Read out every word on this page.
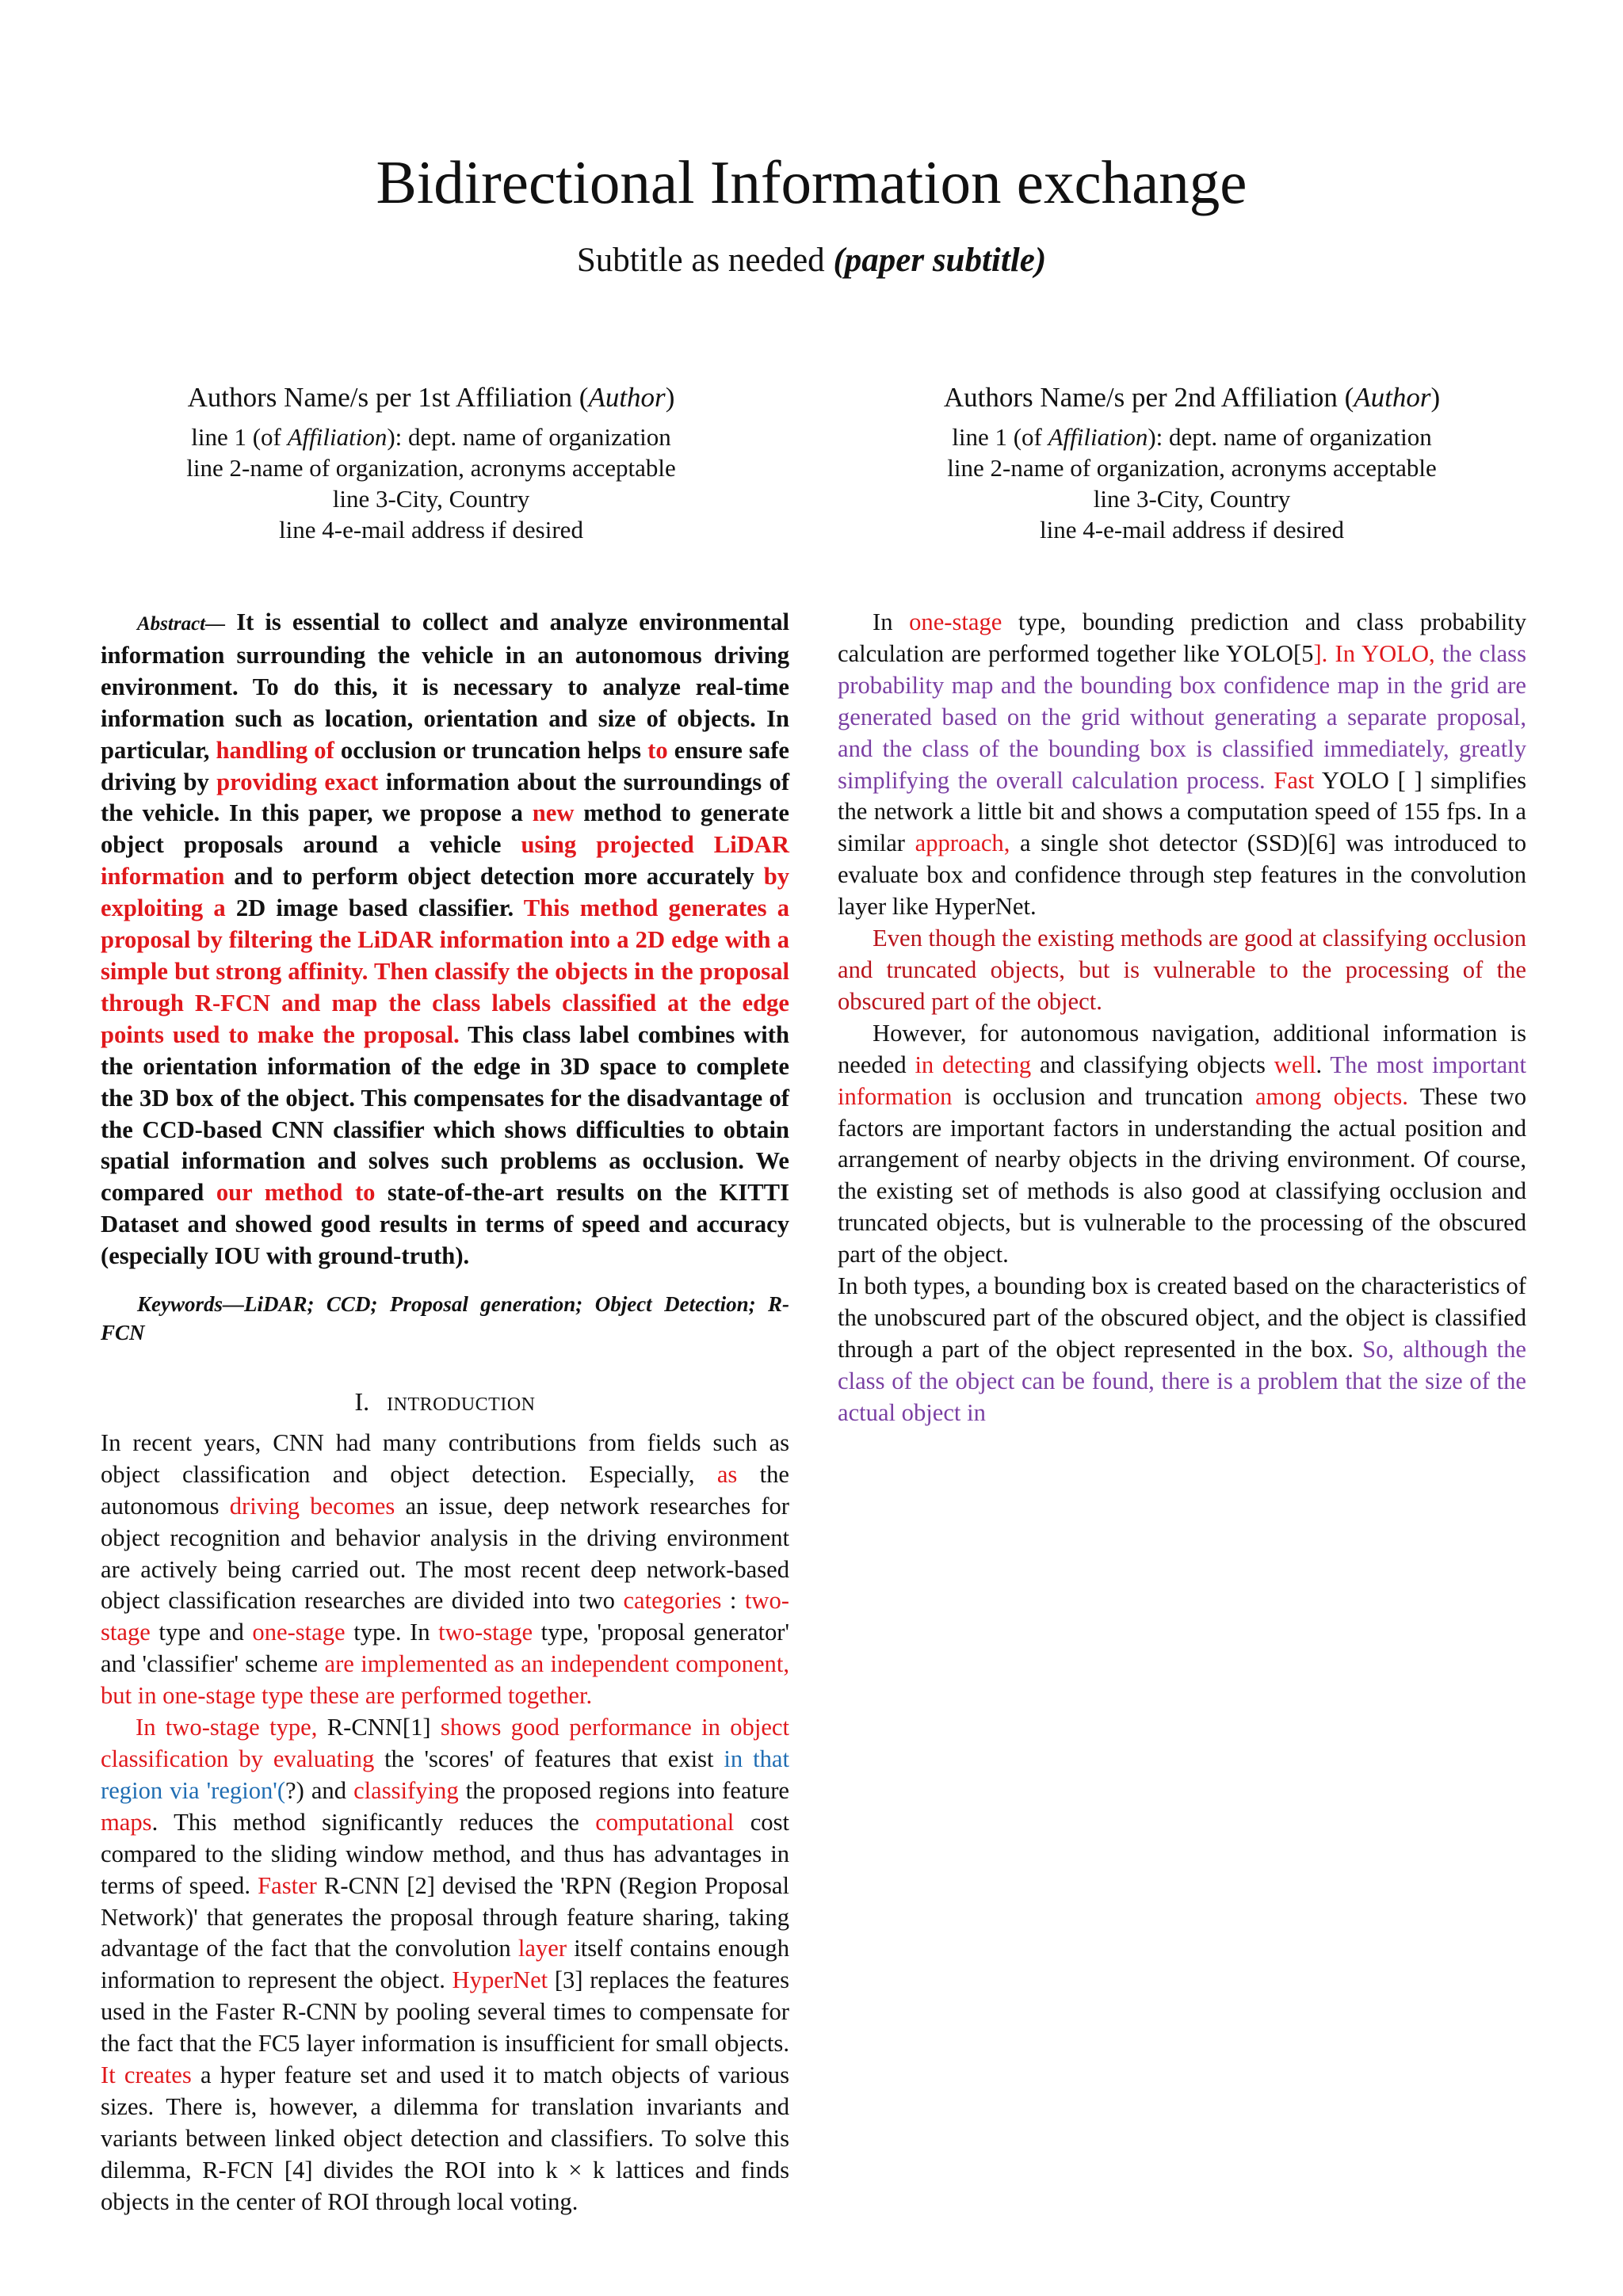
Bidirectional Information exchange
Subtitle as needed (paper subtitle)
Authors Name/s per 1st Affiliation (Author)
line 1 (of Affiliation): dept. name of organization
line 2-name of organization, acronyms acceptable
line 3-City, Country
line 4-e-mail address if desired
Authors Name/s per 2nd Affiliation (Author)
line 1 (of Affiliation): dept. name of organization
line 2-name of organization, acronyms acceptable
line 3-City, Country
line 4-e-mail address if desired

Abstract— It is essential to collect and analyze environmental information surrounding the vehicle in an autonomous driving environment. To do this, it is necessary to analyze real-time information such as location, orientation and size of objects. In particular, handling of occlusion or truncation helps to ensure safe driving by providing exact information about the surroundings of the vehicle. In this paper, we propose a new method to generate object proposals around a vehicle using projected LiDAR information and to perform object detection more accurately by exploiting a 2D image based classifier. This method generates a proposal by filtering the LiDAR information into a 2D edge with a simple but strong affinity. Then classify the objects in the proposal through R-FCN and map the class labels classified at the edge points used to make the proposal. This class label combines with the orientation information of the edge in 3D space to complete the 3D box of the object. This compensates for the disadvantage of the CCD-based CNN classifier which shows difficulties to obtain spatial information and solves such problems as occlusion. We compared our method to state-of-the-art results on the KITTI Dataset and showed good results in terms of speed and accuracy (especially IOU with ground-truth).

Keywords—LiDAR; CCD; Proposal generation; Object Detection; R-FCN

I. INTRODUCTION

In recent years, CNN had many contributions from fields such as object classification and object detection. Especially, as the autonomous driving becomes an issue, deep network researches for object recognition and behavior analysis in the driving environment are actively being carried out. The most recent deep network-based object classification researches are divided into two categories : two-stage type and one-stage type. In two-stage type, 'proposal generator' and 'classifier' scheme are implemented as an independent component, but in one-stage type these are performed together.

In two-stage type, R-CNN[1] shows good performance in object classification by evaluating the 'scores' of features that exist in that region via 'region'(?) and classifying the proposed regions into feature maps. This method significantly reduces the computational cost compared to the sliding window method, and thus has advantages in terms of speed. Faster R-CNN [2] devised the 'RPN (Region Proposal Network)' that generates the proposal through feature sharing, taking advantage of the fact that the convolution layer itself contains enough information to represent the object. HyperNet [3] replaces the features used in the Faster R-CNN by pooling several times to compensate for the fact that the FC5 layer information is insufficient for small objects. It creates a hyper feature set and used it to match objects of various sizes. There is, however, a dilemma for translation invariants and variants between linked object detection and classifiers. To solve this dilemma, R-FCN [4] divides the ROI into k × k lattices and finds objects in the center of ROI through local voting.

In one-stage type, bounding prediction and class probability calculation are performed together like YOLO[5]. In YOLO, the class probability map and the bounding box confidence map in the grid are generated based on the grid without generating a separate proposal, and the class of the bounding box is classified immediately, greatly simplifying the overall calculation process. Fast YOLO [ ] simplifies the network a little bit and shows a computation speed of 155 fps. In a similar approach, a single shot detector (SSD)[6] was introduced to evaluate box and confidence through step features in the convolution layer like HyperNet.

Even though the existing methods are good at classifying occlusion and truncated objects, but is vulnerable to the processing of the obscured part of the object.

However, for autonomous navigation, additional information is needed in detecting and classifying objects well. The most important information is occlusion and truncation among objects. These two factors are important factors in understanding the actual position and arrangement of nearby objects in the driving environment. Of course, the existing set of methods is also good at classifying occlusion and truncated objects, but is vulnerable to the processing of the obscured part of the object.

In both types, a bounding box is created based on the characteristics of the unobscured part of the obscured object, and the object is classified through a part of the object represented in the box. So, although the class of the object can be found, there is a problem that the size of the actual object in
